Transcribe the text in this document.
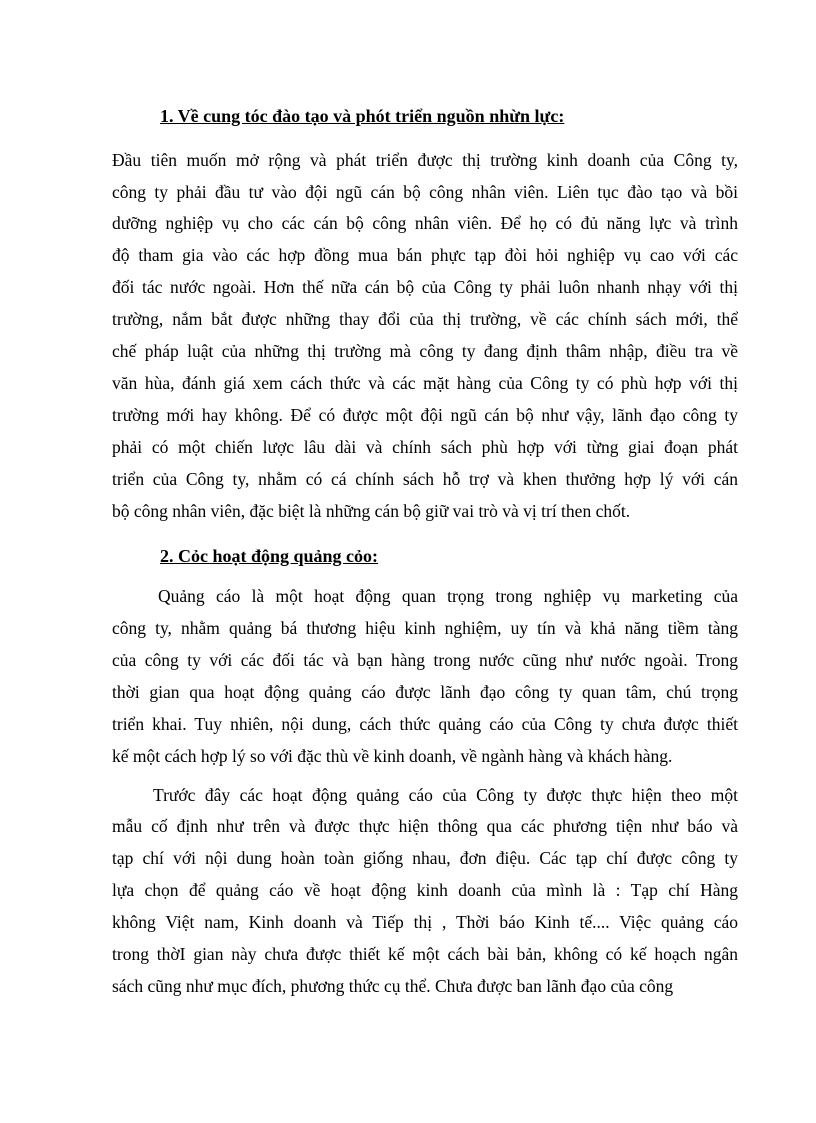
1. Về cung tóc đào tạo và phót triển nguồn nhừn lực:
Đầu tiên muốn mở rộng và phát triển được thị trường kinh doanh của Công ty,
công ty phải đầu tư vào đội ngũ cán bộ công nhân viên. Liên tục đào tạo và bồi
dưỡng nghiệp vụ cho các cán bộ công nhân viên. Để họ có đủ năng lực và trình
độ tham gia vào các hợp đồng mua bán phực tạp đòi hỏi nghiệp vụ cao với các
đối tác nước ngoài. Hơn thế nữa cán bộ của Công ty phải luôn nhanh nhạy với thị
trường, nắm bắt được những thay đổi của thị trường, về các chính sách mới, thể
chế pháp luật của những thị trường mà công ty đang định thâm nhập, điều tra về
văn hùa, đánh giá xem cách thức và các mặt hàng của Công ty có phù hợp với thị
trường mới hay không. Để có được một đội ngũ cán bộ như vậy, lãnh đạo công ty
phải có một chiến lược lâu dài và chính sách phù hợp với từng giai đoạn phát
triển của Công ty, nhằm có cá chính sách hỗ trợ và khen thưởng hợp lý với cán
bộ công nhân viên, đặc biệt là những cán bộ giữ vai trò và vị trí then chốt.
2. Cỏc hoạt động quảng cỏo:
Quảng cáo là một hoạt động quan trọng trong nghiệp vụ marketing của
công ty, nhằm quảng bá thương hiệu kinh nghiệm, uy tín và khả năng tiềm tàng
của công ty với các đối tác và bạn hàng trong nước cũng như nước ngoài. Trong
thời gian qua hoạt động quảng cáo được lãnh đạo công ty quan tâm, chú trọng
triển khai. Tuy nhiên, nội dung, cách thức quảng cáo của Công ty chưa được thiết
kế một cách hợp lý so với đặc thù về kinh doanh, về ngành hàng và khách hàng.
Trước đây các hoạt động quảng cáo của Công ty được thực hiện theo một
mẫu cố định như trên và được thực hiện thông qua các phương tiện như báo và
tạp chí với nội dung hoàn toàn giống nhau, đơn điệu. Các tạp chí được công ty
lựa chọn để quảng cáo về hoạt động kinh doanh của mình là : Tạp chí Hàng
không Việt nam, Kinh doanh và Tiếp thị , Thời báo Kinh tế.... Việc quảng cáo
trong thờI gian này chưa được thiết kế một cách bài bản, không có kế hoạch ngân
sách cũng như mục đích, phương thức cụ thể. Chưa được ban lãnh đạo của công
